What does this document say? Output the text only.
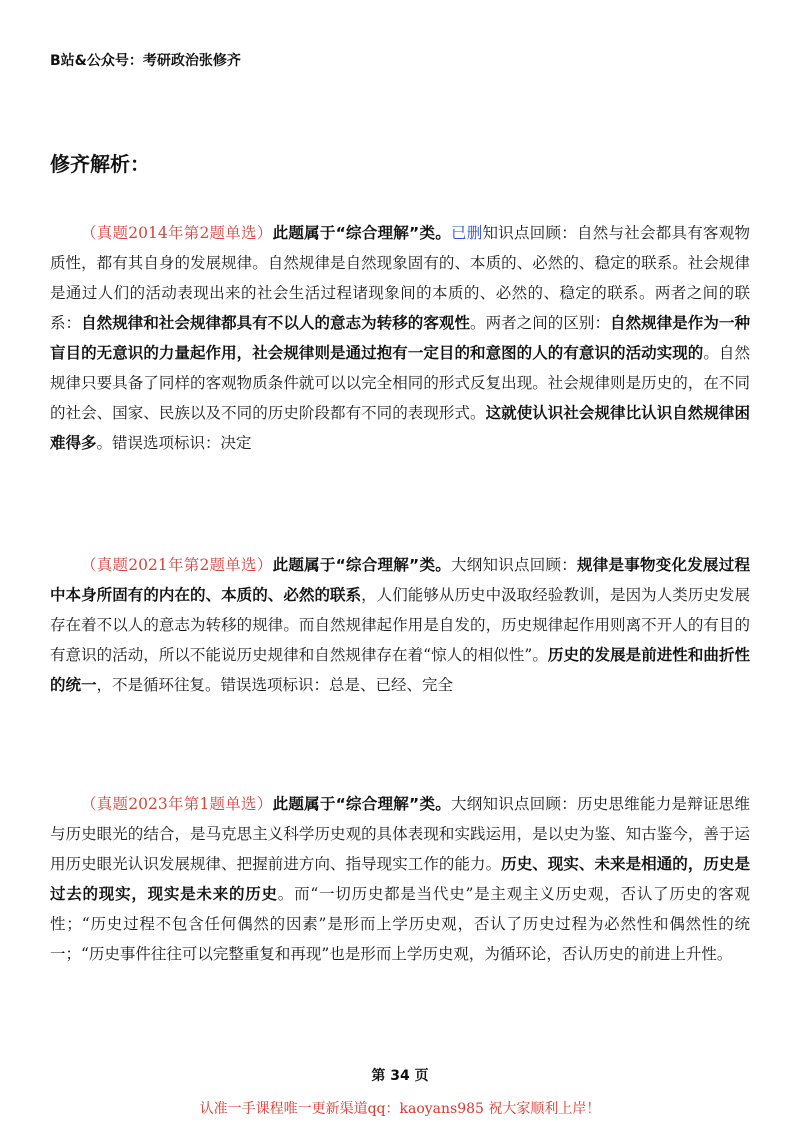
B站&公众号：考研政治张修齐
修齐解析：

（真题2014年第2题单选）此题属于“综合理解”类。已删知识点回顾：自然与社会都具有客观物质性，都有其自身的发展规律。自然规律是自然现象固有的、本质的、必然的、稳定的联系。社会规律是通过人们的活动表现出来的社会生活过程诸现象间的本质的、必然的、稳定的联系。两者之间的联系：自然规律和社会规律都具有不以人的意志为转移的客观性。两者之间的区别：自然规律是作为一种盲目的无意识的力量起作用，社会规律则是通过抱有一定目的和意图的人的有意识的活动实现的。自然规律只要具备了同样的客观物质条件就可以以完全相同的形式反复出现。社会规律则是历史的，在不同的社会、国家、民族以及不同的历史阶段都有不同的表现形式。这就使认识社会规律比认识自然规律困难得多。错误选项标识：决定

（真题2021年第2题单选）此题属于“综合理解”类。大纲知识点回顾：规律是事物变化发展过程中本身所固有的内在的、本质的、必然的联系，人们能够从历史中汲取经验教训，是因为人类历史发展存在着不以人的意志为转移的规律。而自然规律起作用是自发的，历史规律起作用则离不开人的有目的有意识的活动，所以不能说历史规律和自然规律存在着“惊人的相似性”。历史的发展是前进性和曲折性的统一，不是循环往复。错误选项标识：总是、已经、完全

（真题2023年第1题单选）此题属于“综合理解”类。大纲知识点回顾：历史思维能力是辩证思维与历史眼光的结合，是马克思主义科学历史观的具体表现和实践运用，是以史为鉴、知古鉴今，善于运用历史眼光认识发展规律、把握前进方向、指导现实工作的能力。历史、现实、未来是相通的，历史是过去的现实，现实是未来的历史。而“一切历史都是当代史”是主观主义历史观，否认了历史的客观性；“历史过程不包含任何偶然的因素”是形而上学历史观，否认了历史过程为必然性和偶然性的统一；“历史事件往往可以完整重复和再现”也是形而上学历史观，为循环论，否认历史的前进上升性。

第 34 页
认准一手课程唯一更新渠道qq：kaoyans985 祝大家顺利上岸！
